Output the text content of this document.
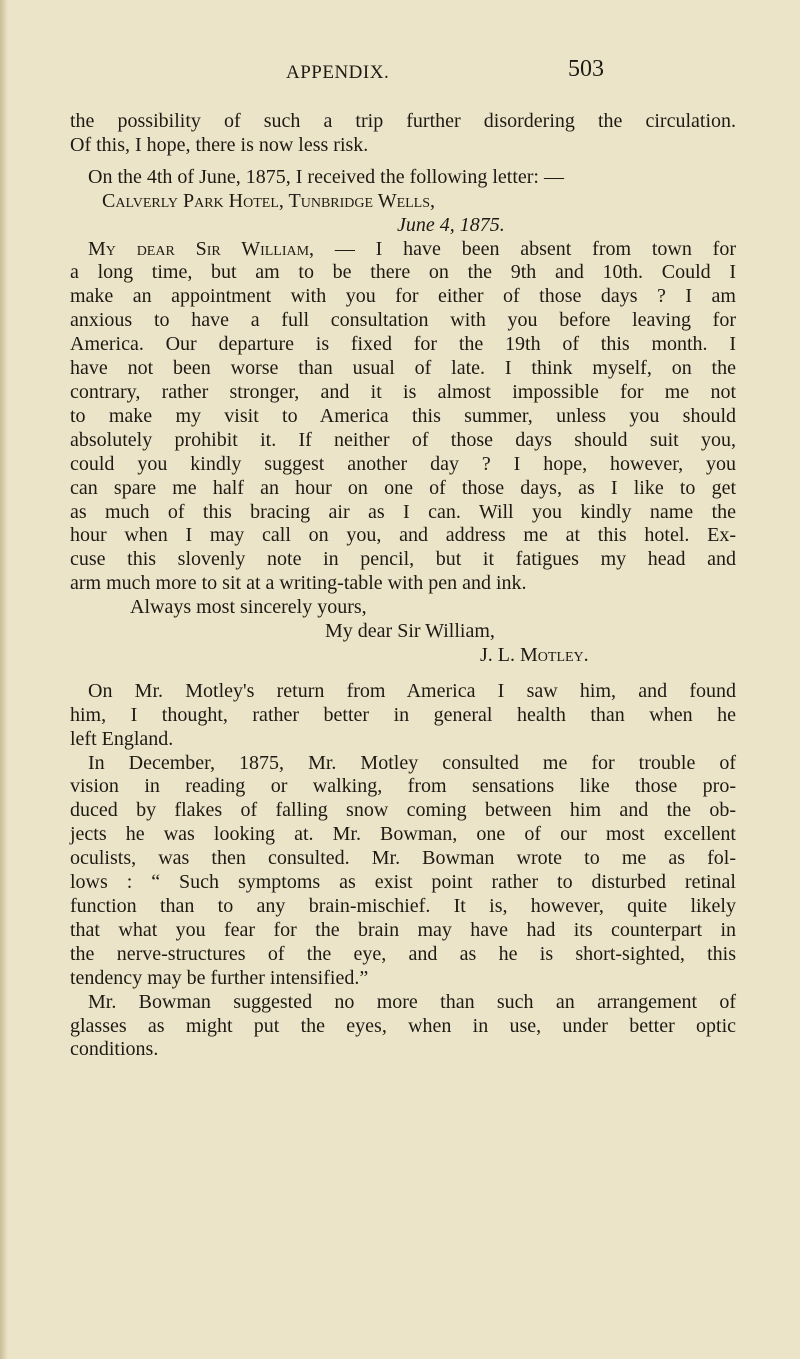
APPENDIX.	503

the possibility of such a trip further disordering the circulation.
Of this, I hope, there is now less risk.

On the 4th of June, 1875, I received the following letter: —

Calverly Park Hotel, Tunbridge Wells,
June 4, 1875.
My dear Sir William, — I have been absent from town for
a long time, but am to be there on the 9th and 10th. Could I
make an appointment with you for either of those days ? I am
anxious to have a full consultation with you before leaving for
America. Our departure is fixed for the 19th of this month. I
have not been worse than usual of late. I think myself, on the
contrary, rather stronger, and it is almost impossible for me not
to make my visit to America this summer, unless you should
absolutely prohibit it. If neither of those days should suit you,
could you kindly suggest another day ? I hope, however, you
can spare me half an hour on one of those days, as I like to get
as much of this bracing air as I can. Will you kindly name the
hour when I may call on you, and address me at this hotel. Ex-
cuse this slovenly note in pencil, but it fatigues my head and
arm much more to sit at a writing-table with pen and ink.
Always most sincerely yours,
My dear Sir William,
J. L. Motley.

On Mr. Motley's return from America I saw him, and found
him, I thought, rather better in general health than when he
left England.

In December, 1875, Mr. Motley consulted me for trouble of
vision in reading or walking, from sensations like those pro-
duced by flakes of falling snow coming between him and the ob-
jects he was looking at. Mr. Bowman, one of our most excellent
oculists, was then consulted. Mr. Bowman wrote to me as fol-
lows : “ Such symptoms as exist point rather to disturbed retinal
function than to any brain-mischief. It is, however, quite likely
that what you fear for the brain may have had its counterpart in
the nerve-structures of the eye, and as he is short-sighted, this
tendency may be further intensified.”

Mr. Bowman suggested no more than such an arrangement of
glasses as might put the eyes, when in use, under better optic
conditions.
